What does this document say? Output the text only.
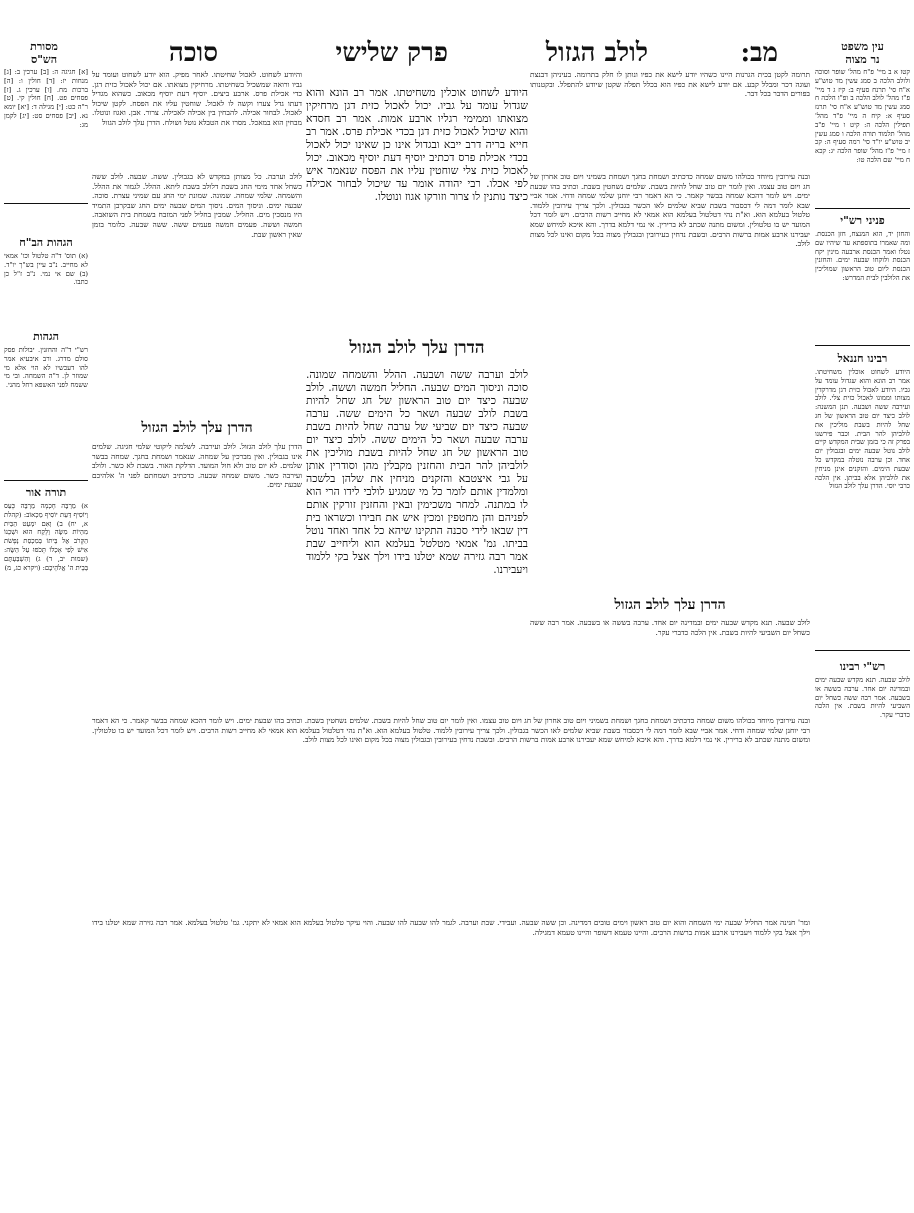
מב:
לולב הגזול
פרק שלישי
סוכה	עין משפט
נר מצוה
מסורת
הש"ס
קטז א ב מיי' פ"ח מהל' שופר וסוכה ולולב הלכה ב סמג עשין מד טוש"ע א"ח סי' תרנח סעיף ב: קיז ג ד מיי' פ"ז מהל' לולב הלכה ב ופ"ו הלכה ח סמג עשין מד טוש"ע א"ח סי' תרנז סעיף א: קיח ה מיי' פ"ד מהל' תפילין הלכה ה: קיט ו מיי' פ"ב מהל' תלמוד תורה הלכה ו סמג עשין יב טוש"ע יו"ד סי' רמה סעיף ה: קכ ז מיי' פ"ז מהל' שופר הלכה יג: קכא ח מיי' שם הלכה טו:
פניני רש"י
והחזן יד, הוא המנצח, חזן הכנסת. ומה שאמרו בתוספתא עד שיהיו שם נטלו ואמר הכנסת ארבעה מינין יקח הכנסת ולוקחו שבעה ימים. והחזנין הכנסת ליום טוב הראשון שמוליכין את הלולבין לבית המדרש:
רבינו חננאל
היודע לשחוט אוכלין משחיטתו. אמר רב הונא והוא שגדול עומד על גביו. היודע לאכול כזית דגן מדרקדין מצותו וממונו לאכול כזית צלי. לולב ועירבה ששה ושבעה. תנן המשנה: לולב כיצד יום טוב הראשון של חג שחל להיות בשבת מוליכין את לולביהן להר הבית. וכבר פירשנו בפרק זה כי בזמן שבית המקדש קיים לולב נוטל שבעה ימים ובגבולין יום אחד. וכן ערבה נוטלה במקדש כל שבעת הימים. והזקנים אינן מניחין את לולביהן אלא בביתן. אין הלכה כרבי יוסי. הדרן עלך לולב הגזול
רש"י רבינו
לולב שבעה. תנא מקדש שבעה ימים ובמדינה יום אחד. ערבה בששה או בשבעה. אמר רבה ששה כשחל יום השביעי להיות בשבת. אין הלכה כדברי עקר.
[א] חגיגה ה: [ב] ערכין ב: [ג] מנחות יז: [ד] חולין ו: [ה] ברכות מח. [ו] ערכין ג. [ז] פסחים פט. [ח] חולין קי. [ט] ר"ה כט: [י] מגילה ד: [יא] יומא נא. [יב] פסחים סט: [יג] לקמן מג:
הגהות הב"ח
(א) תוס' ד"ה טלטול וכו' אמאי לא מחייב. נ"ב עיין בש"ך יו"ד. (ב) שם אי נמי. נ"ב ז"ל כן כתבו.
הגהות
רש"י ד"ה והחזנין. יבולות פסק סולם מדרג. ורב איבעיא אמר להו דעכשיו לא הוי אלא מי שמוזר לן. ד"ה השמחה. ובי מי ששמח לפני האשפא רחל מהני.
תורה אור
א) מַרְבֶּה חָכְמָה מַרְבֶּה כָּעַס וְיוֹסִיף דַּעַת יוֹסִיף מַכְאוֹב: (קהלת א, יח) ב) וְאִם יִמְעַט הַבַּיִת מִהְיוֹת מִשֶּׂה וְלָקַח הוּא וּשְׁכֵנוֹ הַקָּרֹב אֶל בֵּיתוֹ בְּמִכְסַת נְפָשֹׁת אִישׁ לְפִי אָכְלוֹ תָּכֹסּוּ עַל הַשֶּׂה: (שמות יב, ד) ג) וְהִשְׁבַּעְתֶּם בְּבֵית ה' אֱלֹהֵיכֶם: (ויקרא כג, מ)
תרומה לקטן בכית הגרנות היינו כשהיו יודע לישא את כפיו ונותן לו חלק בתרומה. בעיניהן דבנצת ועוגה דכר ומבלל קבע. אם יודע לישא את כפיו הוא בכלל תפלה שקטן שיודע להתפלל. ובקטנותו בפורים הדבר בכל דבר.
והיודע לשחוט. לאכול שחיטתו. לאחר מפיק. הוא יודע לשחוט ועומד על גביו ורואה שמשכיל בשחיטתו. מרחיקין מצואתו. אם יכול לאכול כזית דגן. כדי אכילת פרס. ארבע ביצים. יוסיף דעת יוסיף מכאוב. כשהוא מגדיל דעתו גדל צערו וקשה לו לאכול. שוחטין עליו את הפסח. לקטן שיכול לאכול. לבחור אכילה. להבחין בין אכילה לאכילה. צרור. אבן. ואגוז ונוטלו. מבחין הוא במאכל. מסרו את הטבלא נוטל ושולח. הדרן עלך לולב הגזול
היודע לשחוט אוכלין משחיטתו. אמר רב הונא והוא שגדול עומד על גביו. יכול לאכול כזית דגן מרחיקין מצואתו וממימי רגליו ארבע אמות. אמר רב חסדא והוא שיכול לאכול כזית דגן בכדי אכילת פרס. אמר רב חייא בריה דרב ייבא ובגדול אינו כן שאינו יכול לאכול בכדי אכילת פרס דכתיב יוסיף דעת יוסיף מכאוב. יכול לאכול כזית צלי שוחטין עליו את הפסח שנאמר איש לפי אכלו. רבי יהודה אומר עד שיכול לבחור אכילה כיצד נותנין לו צרור וזורקו אגוז ונוטלו.
הדרן עלך לולב הגזול
לולב וערבה ששה ושבעה. ההלל והשמחה שמונה. סוכה וניסוך המים שבעה. החליל חמשה וששה. לולב שבעה כיצד יום טוב הראשון של חג שחל להיות בשבת לולב שבעה ושאר כל הימים ששה. ערבה שבעה כיצד יום שביעי של ערבה שחל להיות בשבת ערבה שבעה ושאר כל הימים ששה. לולב כיצד יום טוב הראשון של חג שחל להיות בשבת מוליכין את לולביהן להר הבית והחזנין מקבלין מהן וסודרין אותן על גבי איצטבא והזקנים מניחין את שלהן בלשכה ומלמדין אותם לומר כל מי שמגיע לולבי לידו הרי הוא לו במתנה. למחר משכימין ובאין והחזנין זורקין אותם לפניהם והן מחטפין ומכין איש את חבירו וכשראו בית דין שבאו לידי סכנה התקינו שיהא כל אחד ואחד נוטל בביתו. גמ' אמאי מטלטל בעלמא הוא וליחייב שבת אמר רבה גזירה שמא יטלנו בידו וילך אצל בקי ללמוד ויעבירנו.
ובנה עירובין מיוחד בכולהו משום שמחה כדכתיב ושמחת בחגך ושמחת בשמיני ויום טוב אחרון של חג ויום טוב עצמו. ואין לומר יום טוב שחל להיות בשבת. שלמים נשחטין בשבת. וכתיב בהו שבעת ימים. ויש לומר דהכא שמחה בבשר קאמר. כי הא דאמר רבי יוחנן שלמי שמחה ודחי. אמר אביי שבא לומר דמה לי דכסבור בשבת שביא שלמים לאו הכשר בגבולין. ולכך צריך עירובין ללמוד. טלטול בעלמא הוא. וא"ת נהי דטלטול בעלמא הוא אמאי לא מחייב רשות הרבים. ויש לומר דכל המועד יש בו טלטולין. ומשום מתנה שכתב לא ברירין. אי נמי דלמא בדרך. והא איכא למיחש שמא יעבירנו ארבע אמות ברשות הרבים. ובשבת נדחין בעירובין ובגבולין מצוה בכל מקום ואינו לכל מצות לולב.
הדרן עלך לולב הגזול
לולב שבעה. תנא מקדש שבעה ימים ובמדינה יום אחד. ערבה בששה או בשבעה. אמר רבה ששה כשחל יום השביעי להיות בשבת. אין הלכה כדברי עקר.
לולב וערבה. כל מצותן במקדש לא בגבולין. ששה. שבעה. לולב ששה כשחל אחד מימי החג בשבת דלולב בשבת ליתא. ההלל. לגמור את ההלל. והשמחה. שלמי שמחה. שמונה. שמונת ימי החג עם שמיני עצרת. סוכה. שבעה ימים. וניסוך המים. ניסוך המים שבעה ימים החג שבקרבן התמיד היו מנסכין מים. החליל. שמכין בחליל לפני המזבח בשמחת בית השואבה. חמשה וששה. פעמים חמשה פעמים ששה. ששה שבעה. כלומר בזמן שאין ראשון שבת.
הדרן עלך לולב הגזול
הדרן עלך לולב הגזול. לולב ועירבה. לשלמה ליקוטי שלמי חגיגה. שלמים אינו בגבולין. ואין מברכין על שמחה. שנאמר ושמחת בחגך. שמחה בבשר שלמים. לא יום טוב ולא חול המועד. הדלקת האור. בשבת לא כשר. ולולב ועירבה כשר. משום שמחה שבעה. כדכתיב ושמחתם לפני ה' אלהיכם שבעת ימים.
ובנה עירובין מיוחד בכולהו משום שמחה כדכתיב ושמחת בחגך ושמחת בשמיני ויום טוב אחרון של חג ויום טוב עצמו. ואין לומר יום טוב שחל להיות בשבת. שלמים נשחטין בשבת. וכתיב בהו שבעת ימים. ויש לומר דהכא שמחה בבשר קאמר. כי הא דאמר רבי יוחנן שלמי שמחה ודחי. אמר אביי שבא לומר דמה לי דכסבור בשבת שביא שלמים לאו הכשר בגבולין. ולכך צריך עירובין ללמוד. טלטול בעלמא הוא. וא"ת נהי דטלטול בעלמא הוא אמאי לא מחייב רשות הרבים. ויש לומר דכל המועד יש בו טלטולין. ומשום מתנה שכתב לא ברירין. אי נמי דלמא בדרך. והא איכא למיחש שמא יעבירנו ארבע אמות ברשות הרבים. ובשבת נדחין בעירובין ובגבולין מצוה בכל מקום ואינו לכל מצות לולב.
ומר' חנינה אמר החליל שבעה ימי השמחה והוא יום טוב ראשון וימים טובים דמדינה. וכן ששה שבעה. ועבידי. שבת וערבה. לגמר להו שבעה להו שבעה. והוי עיקר טלטול בעלמא הוא אמאי לא יתקני. גמ' טלטול בעלמא. אמר רבה גזירה שמא יטלנו בידו וילך אצל בקי ללמוד ויעבירנו ארבע אמות ברשות הרבים. והיינו טעמא דשופר והיינו טעמא דמגילה.
